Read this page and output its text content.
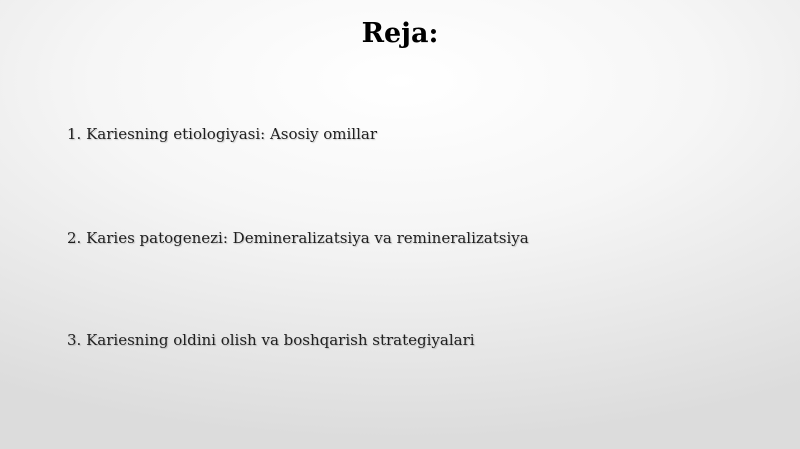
Reja:
1. Kariesning etiologiyasi: Asosiy omillar
2. Karies patogenezi: Demineralizatsiya va remineralizatsiya
3. Kariesning oldini olish va boshqarish strategiyalari
